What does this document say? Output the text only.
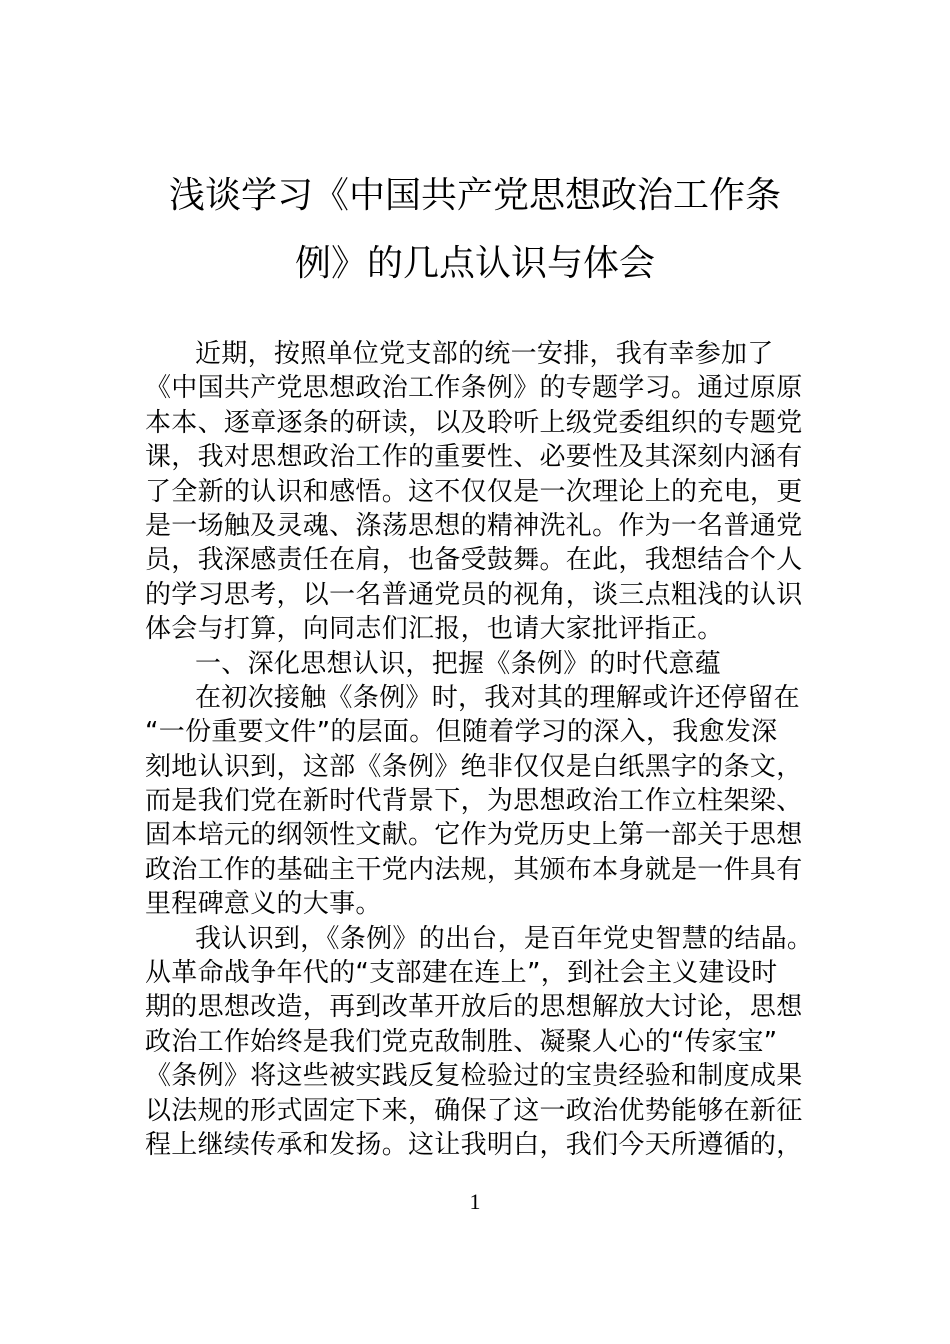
浅谈学习《中国共产党思想政治工作条
例》的几点认识与体会
近期，按照单位党支部的统一安排，我有幸参加了
《中国共产党思想政治工作条例》的专题学习。通过原原
本本、逐章逐条的研读，以及聆听上级党委组织的专题党
课，我对思想政治工作的重要性、必要性及其深刻内涵有
了全新的认识和感悟。这不仅仅是一次理论上的充电，更
是一场触及灵魂、涤荡思想的精神洗礼。作为一名普通党
员，我深感责任在肩，也备受鼓舞。在此，我想结合个人
的学习思考，以一名普通党员的视角，谈三点粗浅的认识
体会与打算，向同志们汇报，也请大家批评指正。
一、深化思想认识，把握《条例》的时代意蕴
在初次接触《条例》时，我对其的理解或许还停留在
“一份重要文件”的层面。但随着学习的深入，我愈发深
刻地认识到，这部《条例》绝非仅仅是白纸黑字的条文，
而是我们党在新时代背景下，为思想政治工作立柱架梁、
固本培元的纲领性文献。它作为党历史上第一部关于思想
政治工作的基础主干党内法规，其颁布本身就是一件具有
里程碑意义的大事。
我认识到，《条例》的出台，是百年党史智慧的结晶。
从革命战争年代的“支部建在连上”，到社会主义建设时
期的思想改造，再到改革开放后的思想解放大讨论，思想
政治工作始终是我们党克敌制胜、凝聚人心的“传家宝”
《条例》将这些被实践反复检验过的宝贵经验和制度成果
以法规的形式固定下来，确保了这一政治优势能够在新征
程上继续传承和发扬。这让我明白，我们今天所遵循的，
1
